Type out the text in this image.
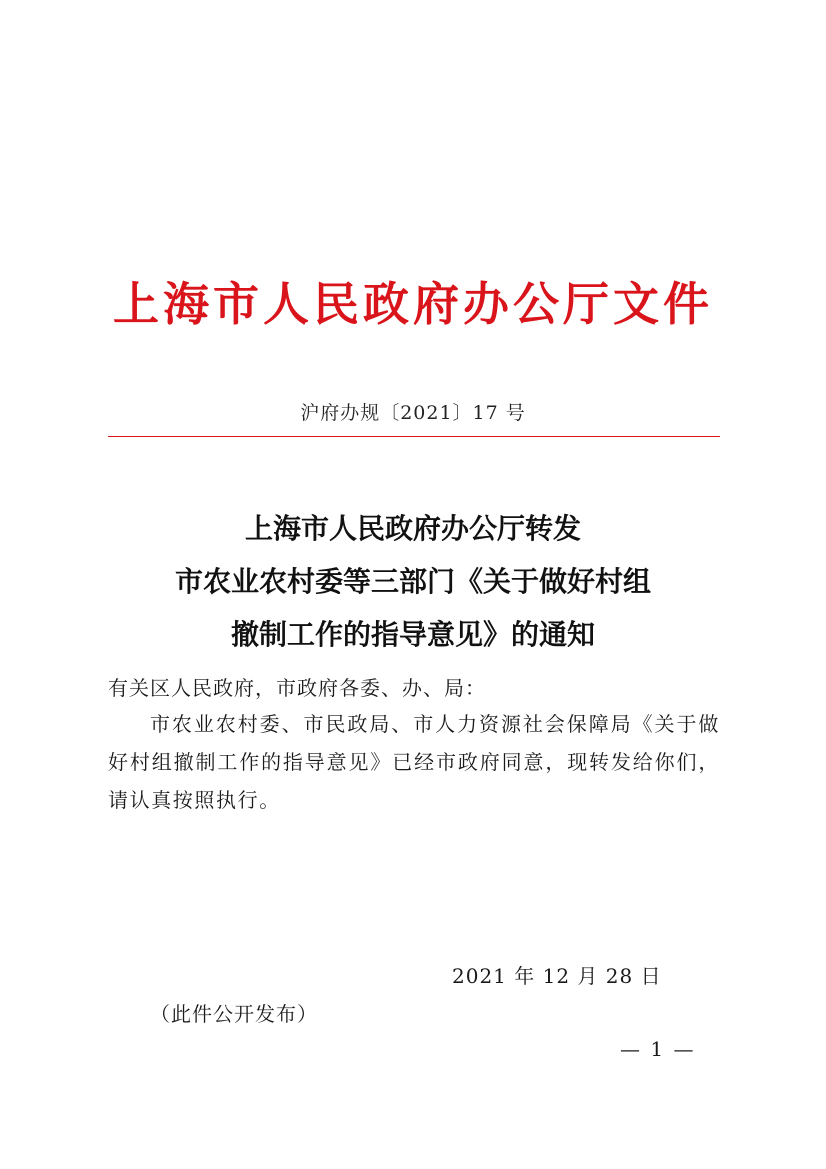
上海市人民政府办公厅文件
沪府办规〔2021〕17 号
上海市人民政府办公厅转发
市农业农村委等三部门《关于做好村组
撤制工作的指导意见》的通知
有关区人民政府，市政府各委、办、局：
市农业农村委、市民政局、市人力资源社会保障局《关于做好村组撤制工作的指导意见》已经市政府同意，现转发给你们，请认真按照执行。
2021 年 12 月 28 日
（此件公开发布）
— 1 —
